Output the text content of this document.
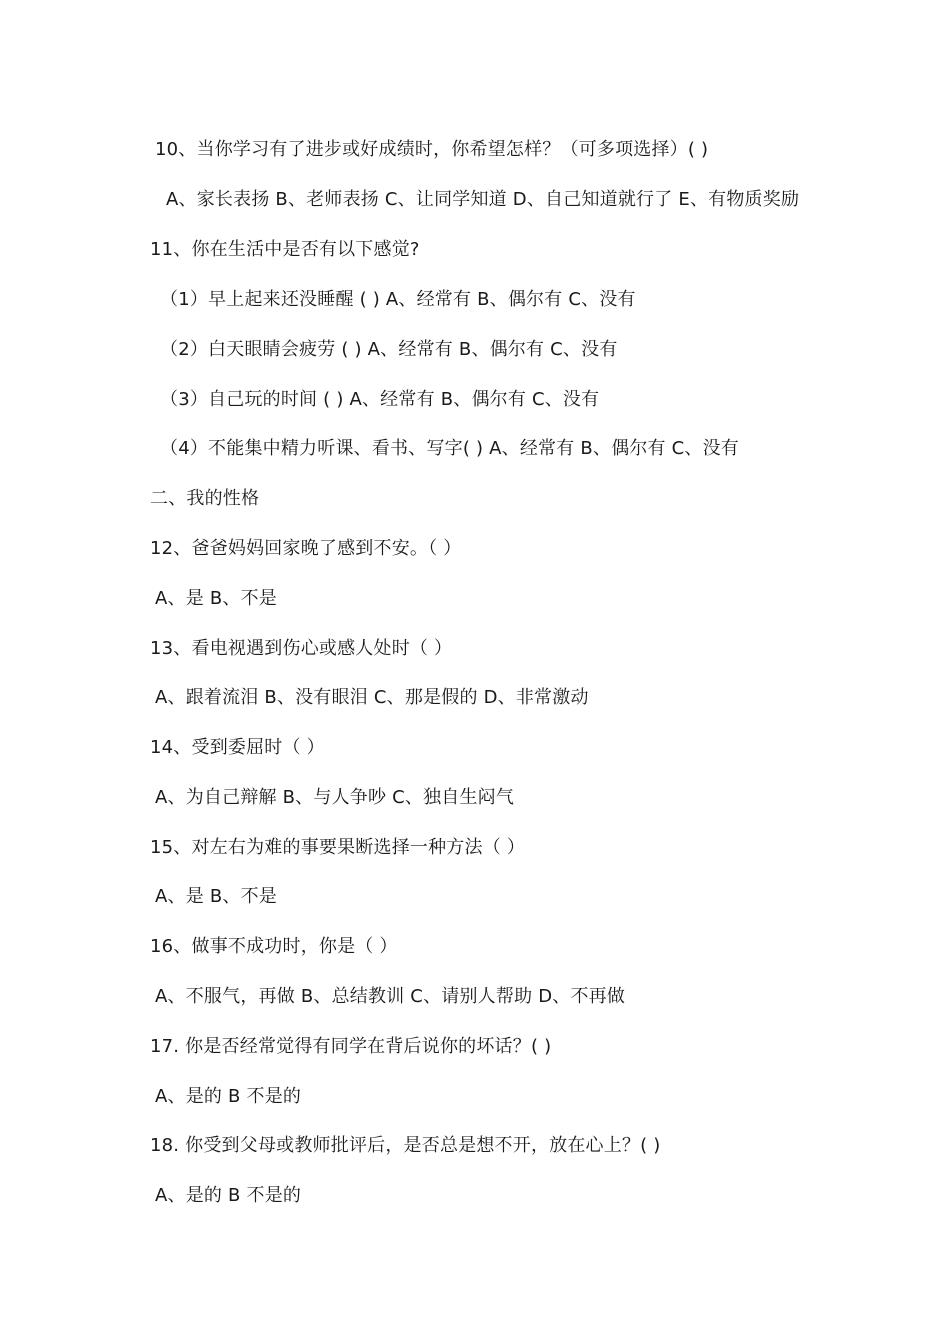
10、当你学习有了进步或好成绩时，你希望怎样？（可多项选择）( )
A、家长表扬 B、老师表扬 C、让同学知道 D、自己知道就行了 E、有物质奖励
11、你在生活中是否有以下感觉?
（1）早上起来还没睡醒 ( ) A、经常有 B、偶尔有 C、没有
（2）白天眼睛会疲劳 ( ) A、经常有 B、偶尔有 C、没有
（3）自己玩的时间 ( ) A、经常有 B、偶尔有 C、没有
（4）不能集中精力听课、看书、写字( ) A、经常有 B、偶尔有 C、没有
二、我的性格
12、爸爸妈妈回家晚了感到不安。（ ）
A、是 B、不是
13、看电视遇到伤心或感人处时（ ）
A、跟着流泪 B、没有眼泪 C、那是假的 D、非常激动
14、受到委屈时（ ）
A、为自己辩解 B、与人争吵 C、独自生闷气
15、对左右为难的事要果断选择一种方法（ ）
A、是 B、不是
16、做事不成功时，你是（ ）
A、不服气，再做 B、总结教训 C、请别人帮助 D、不再做
17. 你是否经常觉得有同学在背后说你的坏话？( )
A、是的 B 不是的
18. 你受到父母或教师批评后，是否总是想不开，放在心上？( )
A、是的 B 不是的
